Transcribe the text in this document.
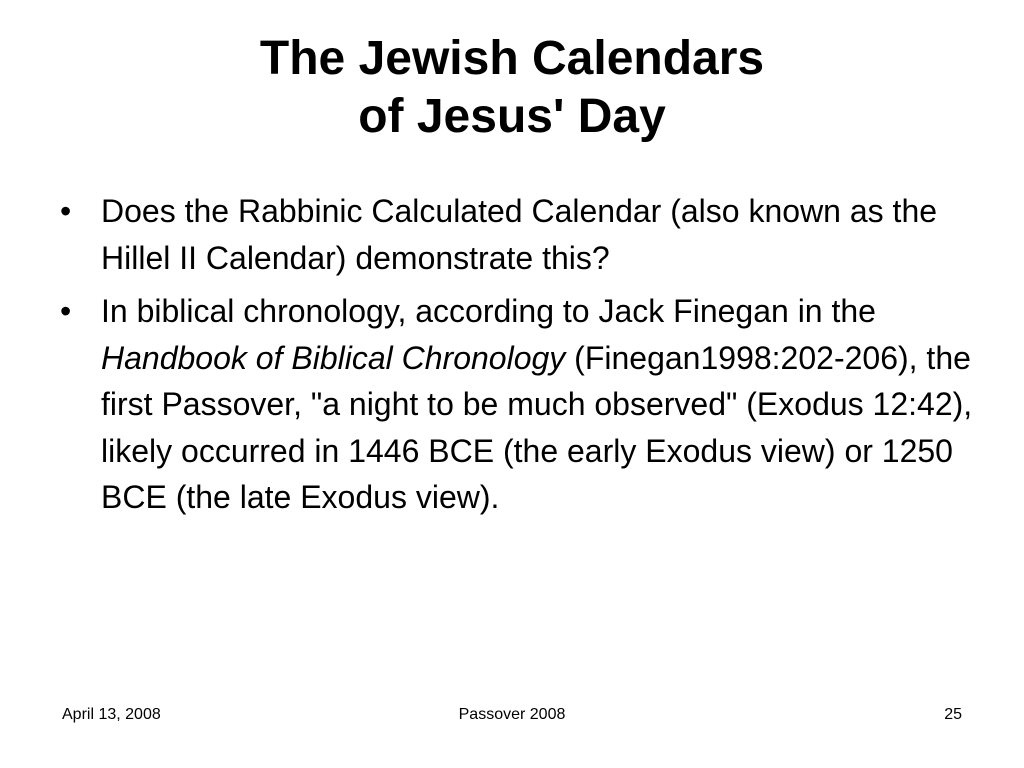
The Jewish Calendars
of Jesus' Day
• Does the Rabbinic Calculated Calendar (also known as the Hillel II Calendar) demonstrate this?
• In biblical chronology, according to Jack Finegan in the Handbook of Biblical Chronology (Finegan1998:202-206), the first Passover, "a night to be much observed" (Exodus 12:42), likely occurred in 1446 BCE (the early Exodus view) or 1250 BCE (the late Exodus view).
April 13, 2008	Passover 2008	25
